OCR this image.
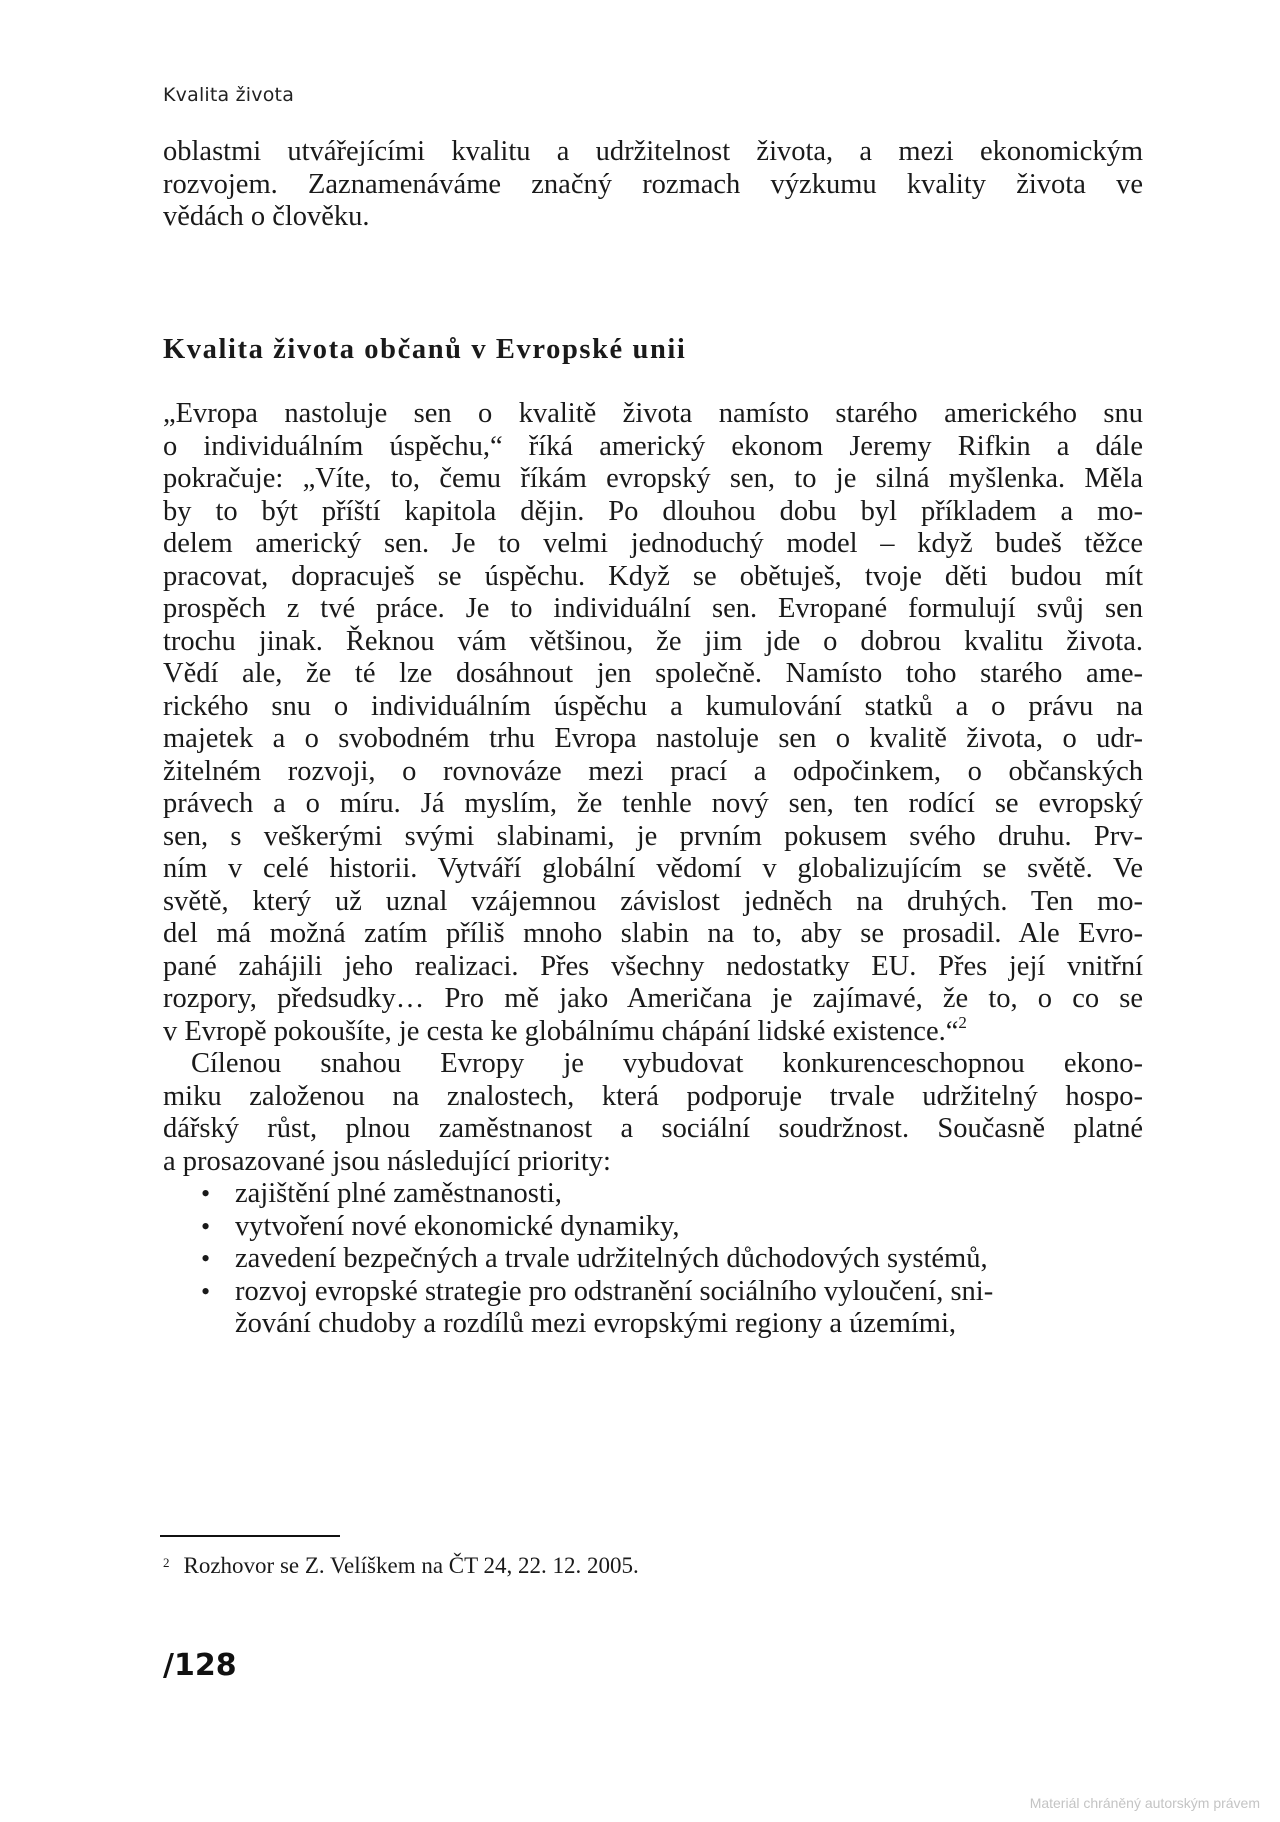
Kvalita života
oblastmi utvářejícími kvalitu a udržitelnost života, a mezi ekonomickým
rozvojem. Zaznamenáváme značný rozmach výzkumu kvality života ve
vědách o člověku.
Kvalita života občanů v Evropské unii
„Evropa nastoluje sen o kvalitě života namísto starého amerického snu
o individuálním úspěchu,“ říká americký ekonom Jeremy Rifkin a dále
pokračuje: „Víte, to, čemu říkám evropský sen, to je silná myšlenka. Měla
by to být příští kapitola dějin. Po dlouhou dobu byl příkladem a mo-
delem americký sen. Je to velmi jednoduchý model – když budeš těžce
pracovat, dopracuješ se úspěchu. Když se obětuješ, tvoje děti budou mít
prospěch z tvé práce. Je to individuální sen. Evropané formulují svůj sen
trochu jinak. Řeknou vám většinou, že jim jde o dobrou kvalitu života.
Vědí ale, že té lze dosáhnout jen společně. Namísto toho starého ame-
rického snu o individuálním úspěchu a kumulování statků a o právu na
majetek a o svobodném trhu Evropa nastoluje sen o kvalitě života, o udr-
žitelném rozvoji, o rovnováze mezi prací a odpočinkem, o občanských
právech a o míru. Já myslím, že tenhle nový sen, ten rodící se evropský
sen, s veškerými svými slabinami, je prvním pokusem svého druhu. Prv-
ním v celé historii. Vytváří globální vědomí v globalizujícím se světě. Ve
světě, který už uznal vzájemnou závislost jedněch na druhých. Ten mo-
del má možná zatím příliš mnoho slabin na to, aby se prosadil. Ale Evro-
pané zahájili jeho realizaci. Přes všechny nedostatky EU. Přes její vnitřní
rozpory, předsudky… Pro mě jako Američana je zajímavé, že to, o co se
v Evropě pokoušíte, je cesta ke globálnímu chápání lidské existence.“$^2$
Cílenou snahou Evropy je vybudovat konkurenceschopnou ekono-
miku založenou na znalostech, která podporuje trvale udržitelný hospo-
dářský růst, plnou zaměstnanost a sociální soudržnost. Současně platné
a prosazované jsou následující priority:
• zajištění plné zaměstnanosti,
• vytvoření nové ekonomické dynamiky,
• zavedení bezpečných a trvale udržitelných důchodových systémů,
• rozvoj evropské strategie pro odstranění sociálního vyloučení, sni-
žování chudoby a rozdílů mezi evropskými regiony a územími,
$^2$ Rozhovor se Z. Velíškem na ČT 24, 22. 12. 2005.
/128
Materiál chráněný autorským právem
